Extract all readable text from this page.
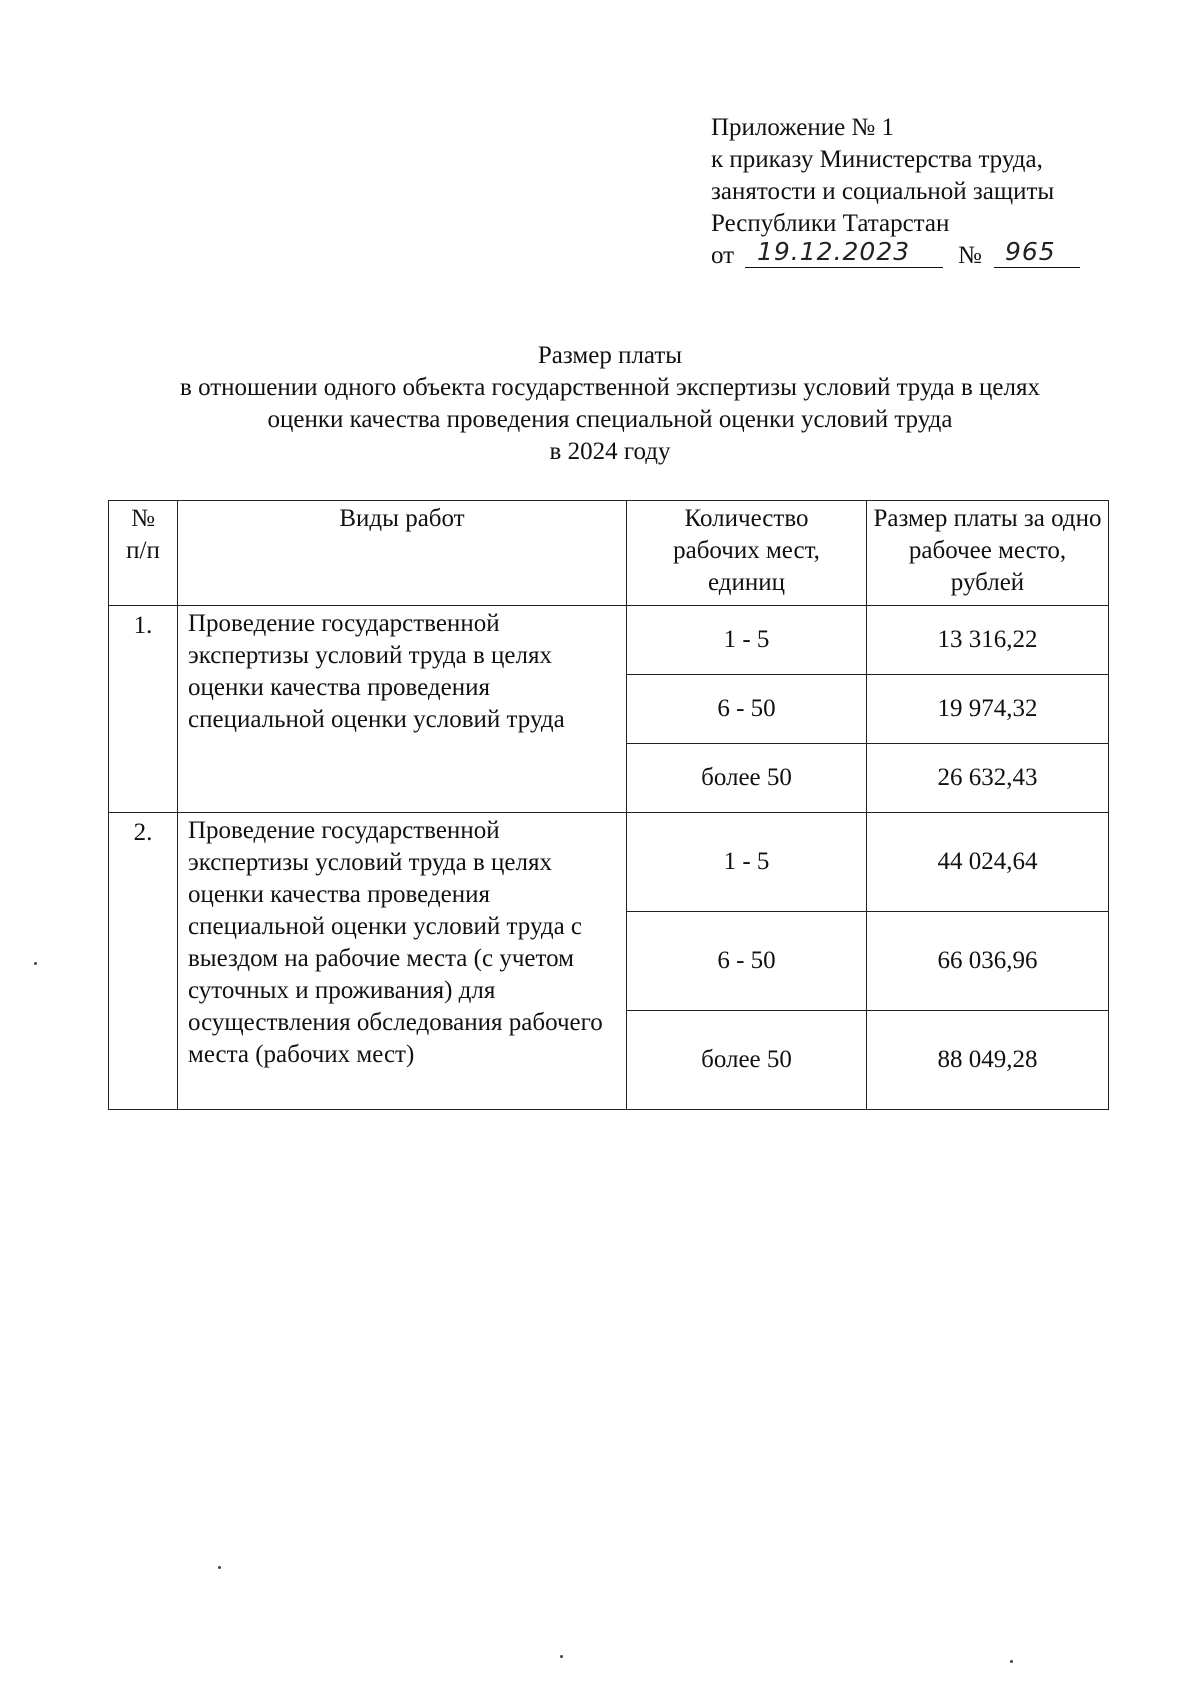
Приложение № 1
к приказу Министерства труда,
занятости и социальной защиты
Республики Татарстан
от 19.12.2023 № 965
Размер платы
в отношении одного объекта государственной экспертизы условий труда в целях
оценки качества проведения специальной оценки условий труда
в 2024 году
№ п/п	Виды работ	Количество рабочих мест, единиц	Размер платы за одно рабочее место, рублей
1.	Проведение государственной экспертизы условий труда в целях оценки качества проведения специальной оценки условий труда	1 - 5	13 316,22
		6 - 50	19 974,32
		более 50	26 632,43
2.	Проведение государственной экспертизы условий труда в целях оценки качества проведения специальной оценки условий труда с выездом на рабочие места (с учетом суточных и проживания) для осуществления обследования рабочего места (рабочих мест)	1 - 5	44 024,64
		6 - 50	66 036,96
		более 50	88 049,28
